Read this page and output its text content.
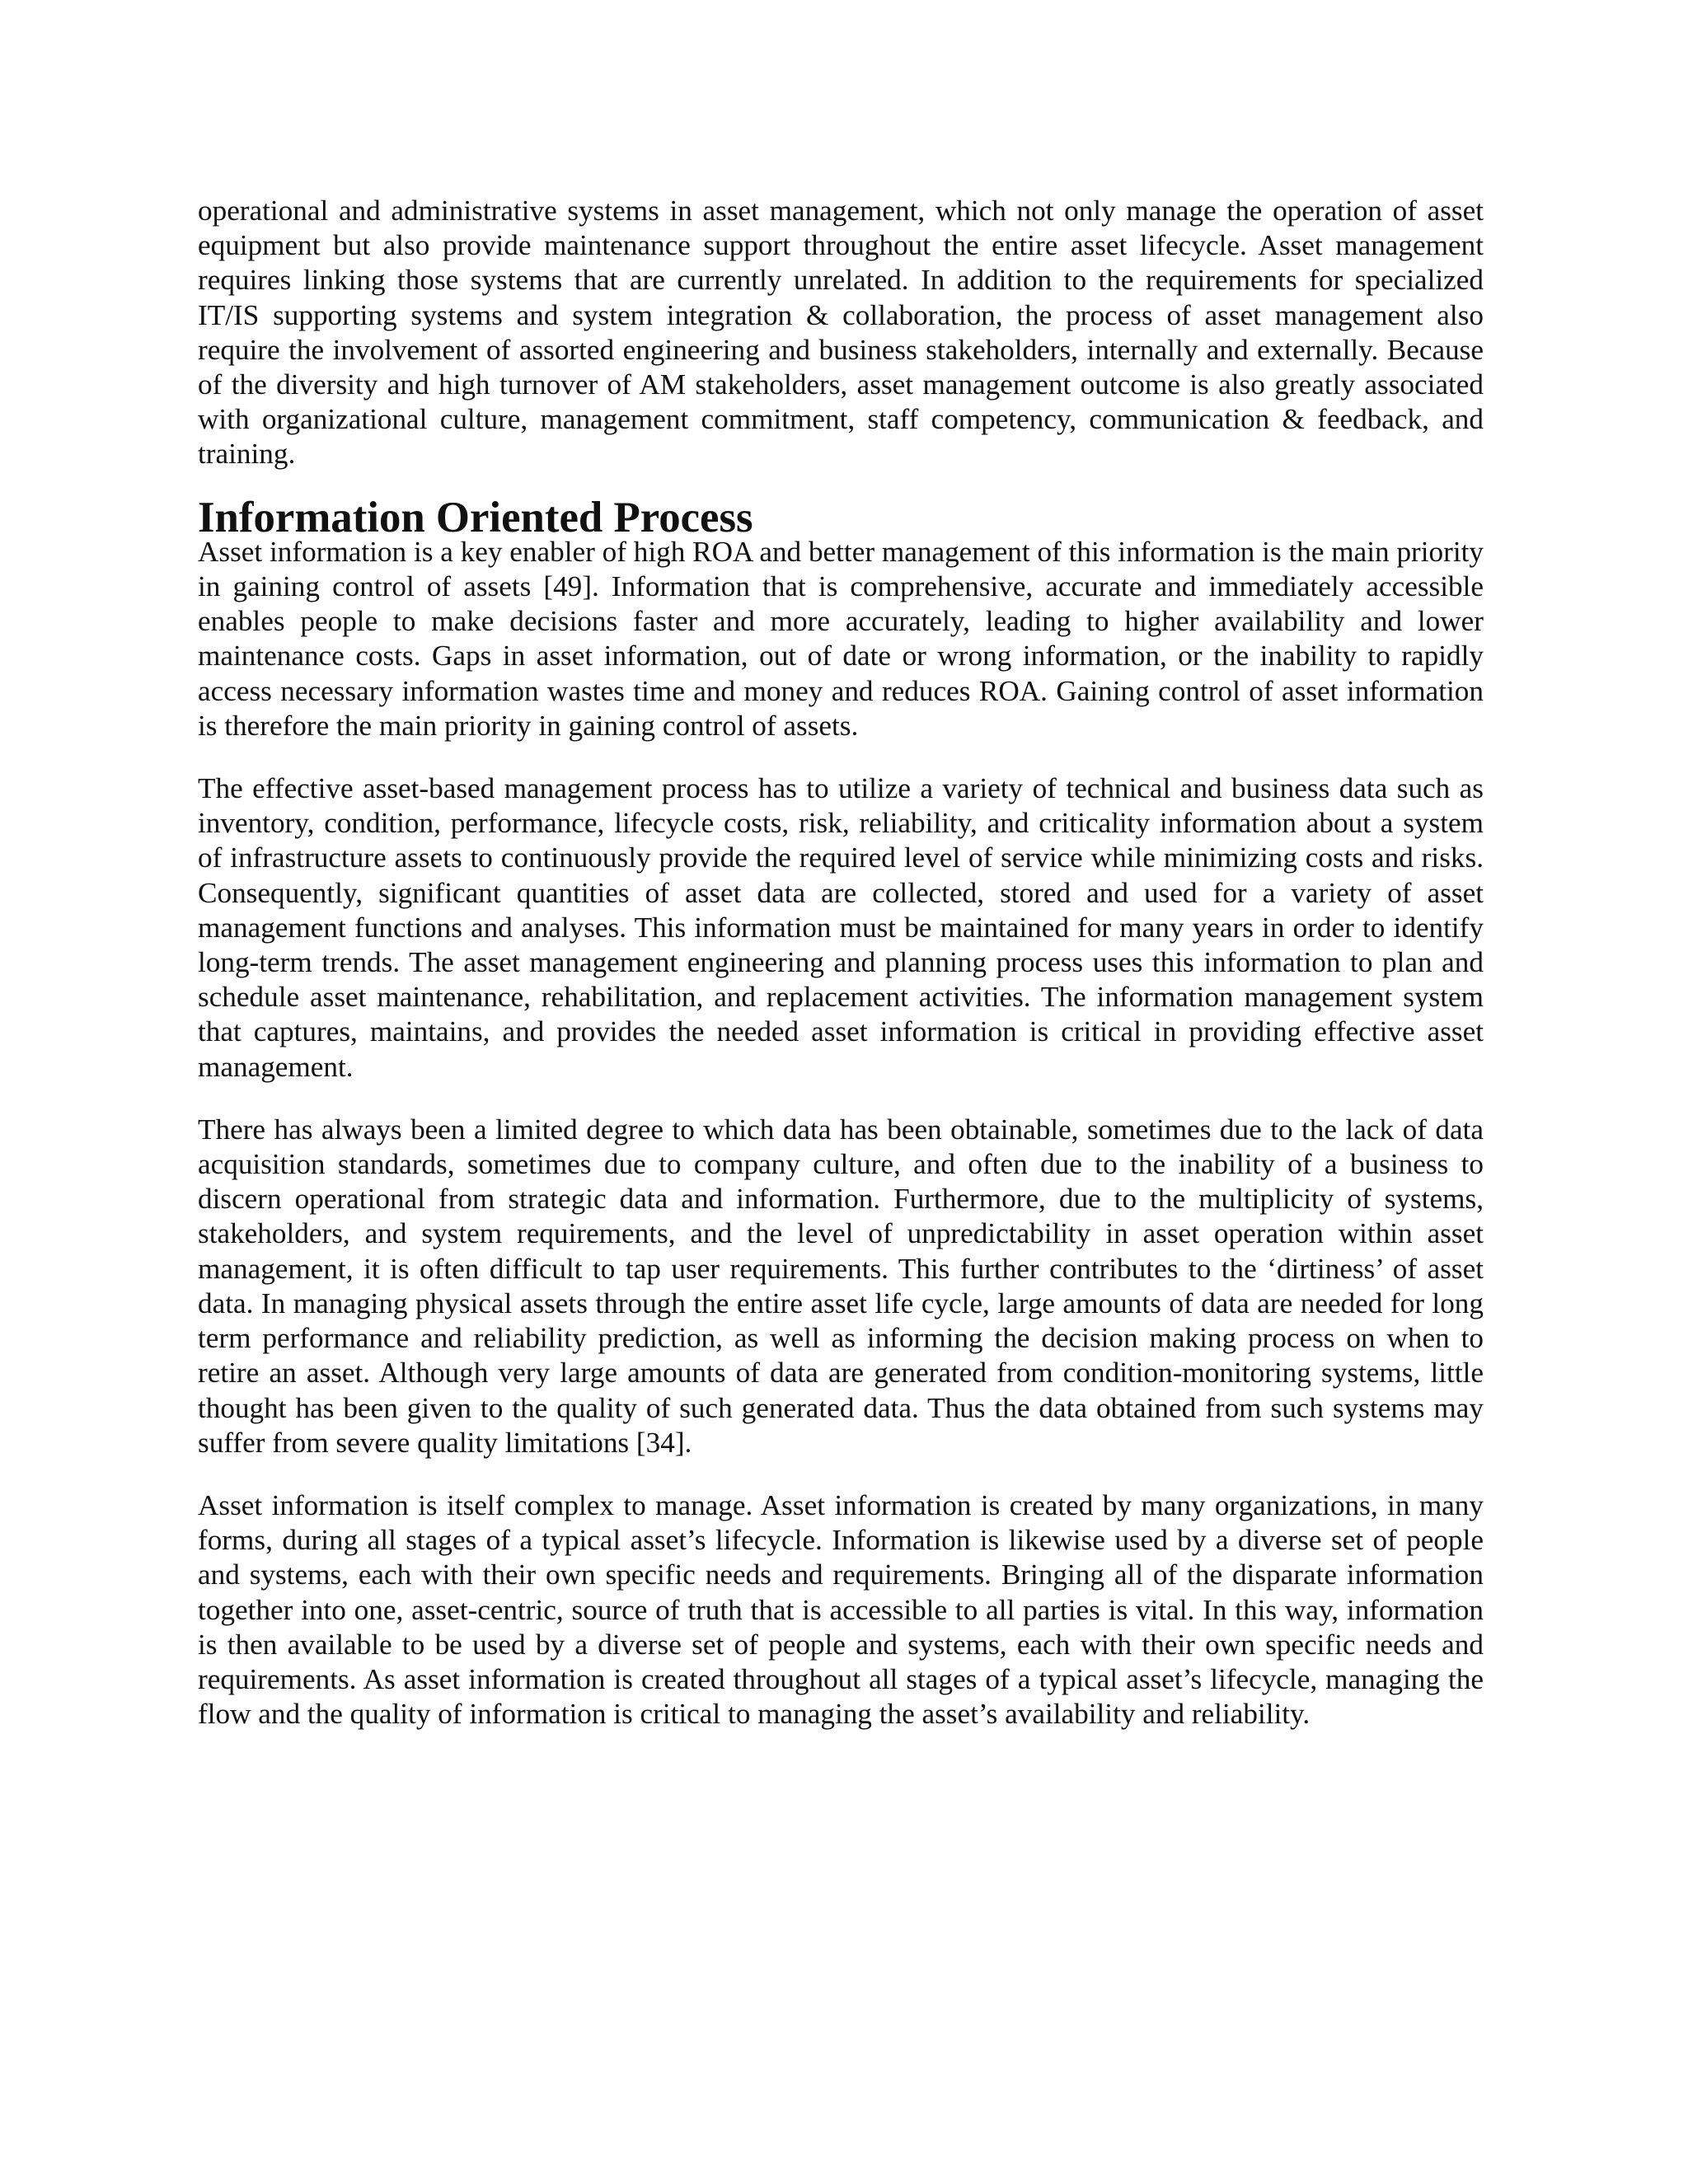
operational and administrative systems in asset management, which not only manage the operation of asset equipment but also provide maintenance support throughout the entire asset lifecycle. Asset management requires linking those systems that are currently unrelated. In addition to the requirements for specialized IT/IS supporting systems and system integration & collaboration, the process of asset management also require the involvement of assorted engineering and business stakeholders, internally and externally. Because of the diversity and high turnover of AM stakeholders, asset management outcome is also greatly associated with organizational culture, management commitment, staff competency, communication & feedback, and training.

Information Oriented Process

Asset information is a key enabler of high ROA and better management of this information is the main priority in gaining control of assets [49]. Information that is comprehensive, accurate and immediately accessible enables people to make decisions faster and more accurately, leading to higher availability and lower maintenance costs. Gaps in asset information, out of date or wrong information, or the inability to rapidly access necessary information wastes time and money and reduces ROA. Gaining control of asset information is therefore the main priority in gaining control of assets.

The effective asset-based management process has to utilize a variety of technical and business data such as inventory, condition, performance, lifecycle costs, risk, reliability, and criticality information about a system of infrastructure assets to continuously provide the required level of service while minimizing costs and risks. Consequently, significant quantities of asset data are collected, stored and used for a variety of asset management functions and analyses. This information must be maintained for many years in order to identify long-term trends. The asset management engineering and planning process uses this information to plan and schedule asset maintenance, rehabilitation, and replacement activities. The information management system that captures, maintains, and provides the needed asset information is critical in providing effective asset management.

There has always been a limited degree to which data has been obtainable, sometimes due to the lack of data acquisition standards, sometimes due to company culture, and often due to the inability of a business to discern operational from strategic data and information. Furthermore, due to the multiplicity of systems, stakeholders, and system requirements, and the level of unpredictability in asset operation within asset management, it is often difficult to tap user requirements. This further contributes to the ‘dirtiness’ of asset data. In managing physical assets through the entire asset life cycle, large amounts of data are needed for long term performance and reliability prediction, as well as informing the decision making process on when to retire an asset. Although very large amounts of data are generated from condition-monitoring systems, little thought has been given to the quality of such generated data. Thus the data obtained from such systems may suffer from severe quality limitations [34].

Asset information is itself complex to manage. Asset information is created by many organizations, in many forms, during all stages of a typical asset’s lifecycle. Information is likewise used by a diverse set of people and systems, each with their own specific needs and requirements. Bringing all of the disparate information together into one, asset-centric, source of truth that is accessible to all parties is vital. In this way, information is then available to be used by a diverse set of people and systems, each with their own specific needs and requirements. As asset information is created throughout all stages of a typical asset’s lifecycle, managing the flow and the quality of information is critical to managing the asset’s availability and reliability.
